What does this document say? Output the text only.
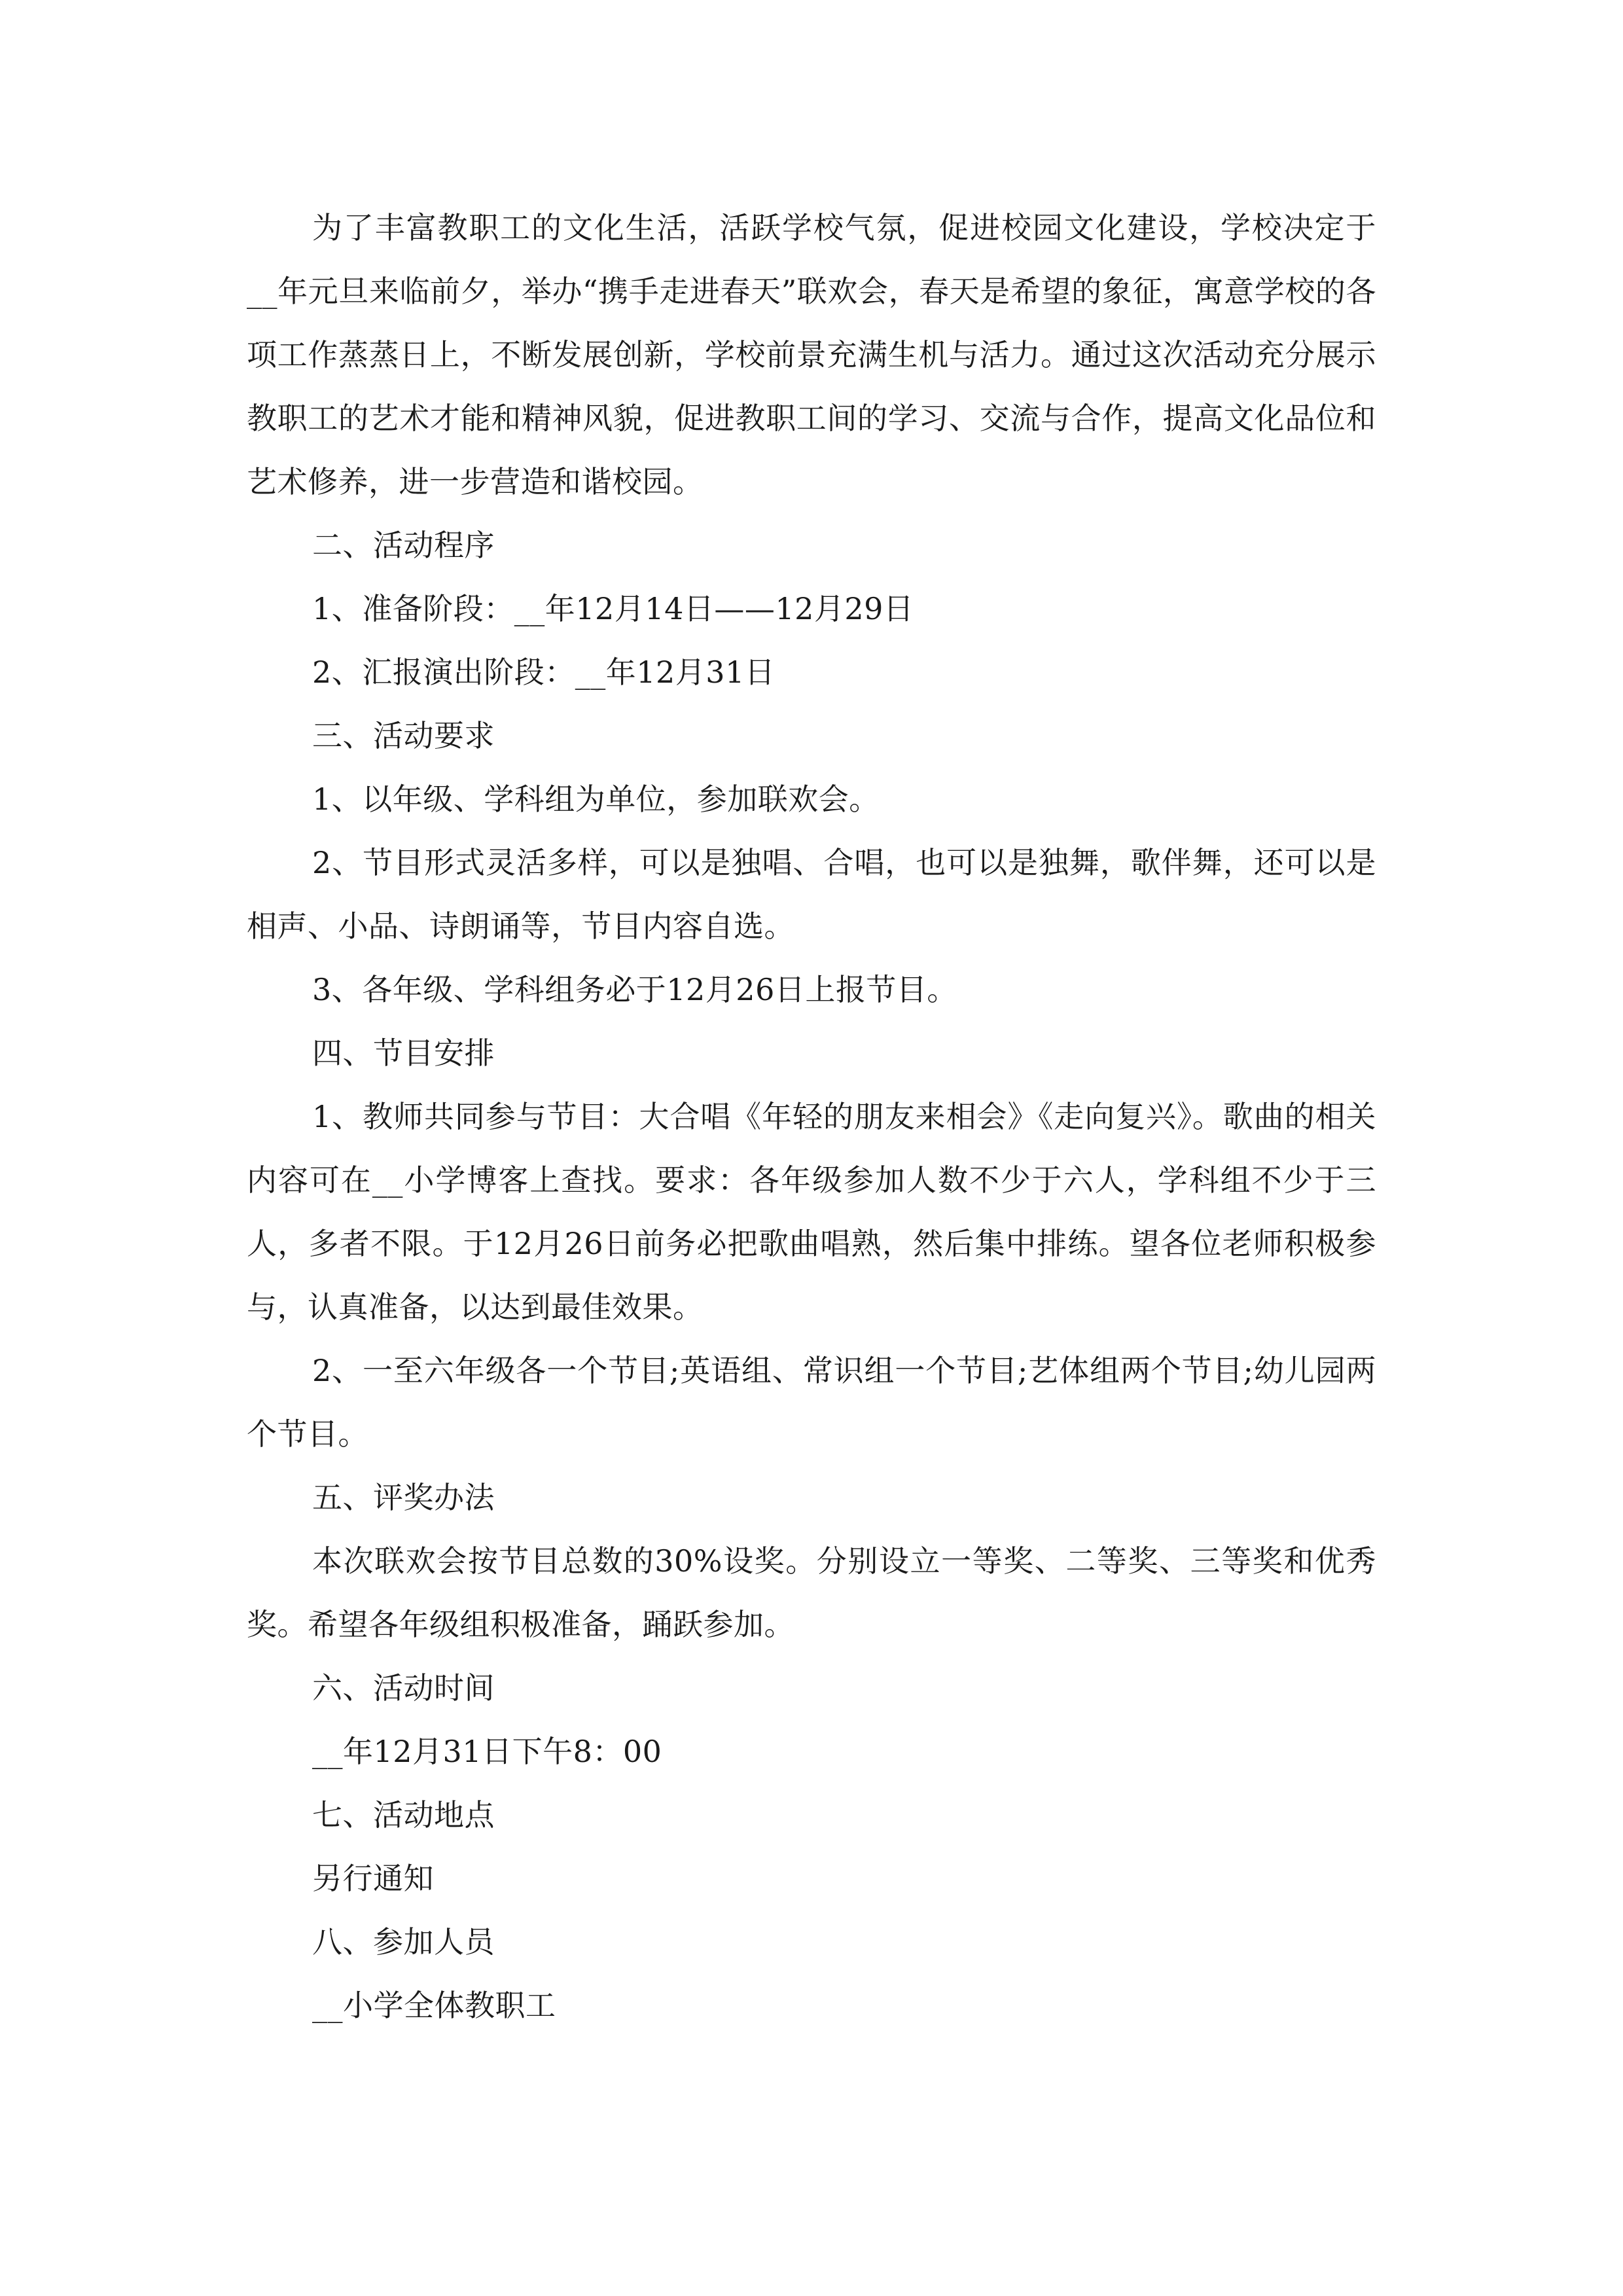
为了丰富教职工的文化生活，活跃学校气氛，促进校园文化建设，学校决定于__年元旦来临前夕，举办“携手走进春天”联欢会，春天是希望的象征，寓意学校的各项工作蒸蒸日上，不断发展创新，学校前景充满生机与活力。通过这次活动充分展示教职工的艺术才能和精神风貌，促进教职工间的学习、交流与合作，提高文化品位和艺术修养，进一步营造和谐校园。

二、活动程序

1、准备阶段：__年12月14日——12月29日

2、汇报演出阶段：__年12月31日

三、活动要求

1、以年级、学科组为单位，参加联欢会。

2、节目形式灵活多样，可以是独唱、合唱，也可以是独舞，歌伴舞，还可以是相声、小品、诗朗诵等，节目内容自选。

3、各年级、学科组务必于12月26日上报节目。

四、节目安排

1、教师共同参与节目：大合唱《年轻的朋友来相会》《走向复兴》。歌曲的相关内容可在__小学博客上查找。要求：各年级参加人数不少于六人，学科组不少于三人，多者不限。于12月26日前务必把歌曲唱熟，然后集中排练。望各位老师积极参与，认真准备，以达到最佳效果。

2、一至六年级各一个节目;英语组、常识组一个节目;艺体组两个节目;幼儿园两个节目。

五、评奖办法

本次联欢会按节目总数的30%设奖。分别设立一等奖、二等奖、三等奖和优秀奖。希望各年级组积极准备，踊跃参加。

六、活动时间

__年12月31日下午8：00

七、活动地点

另行通知

八、参加人员

__小学全体教职工
